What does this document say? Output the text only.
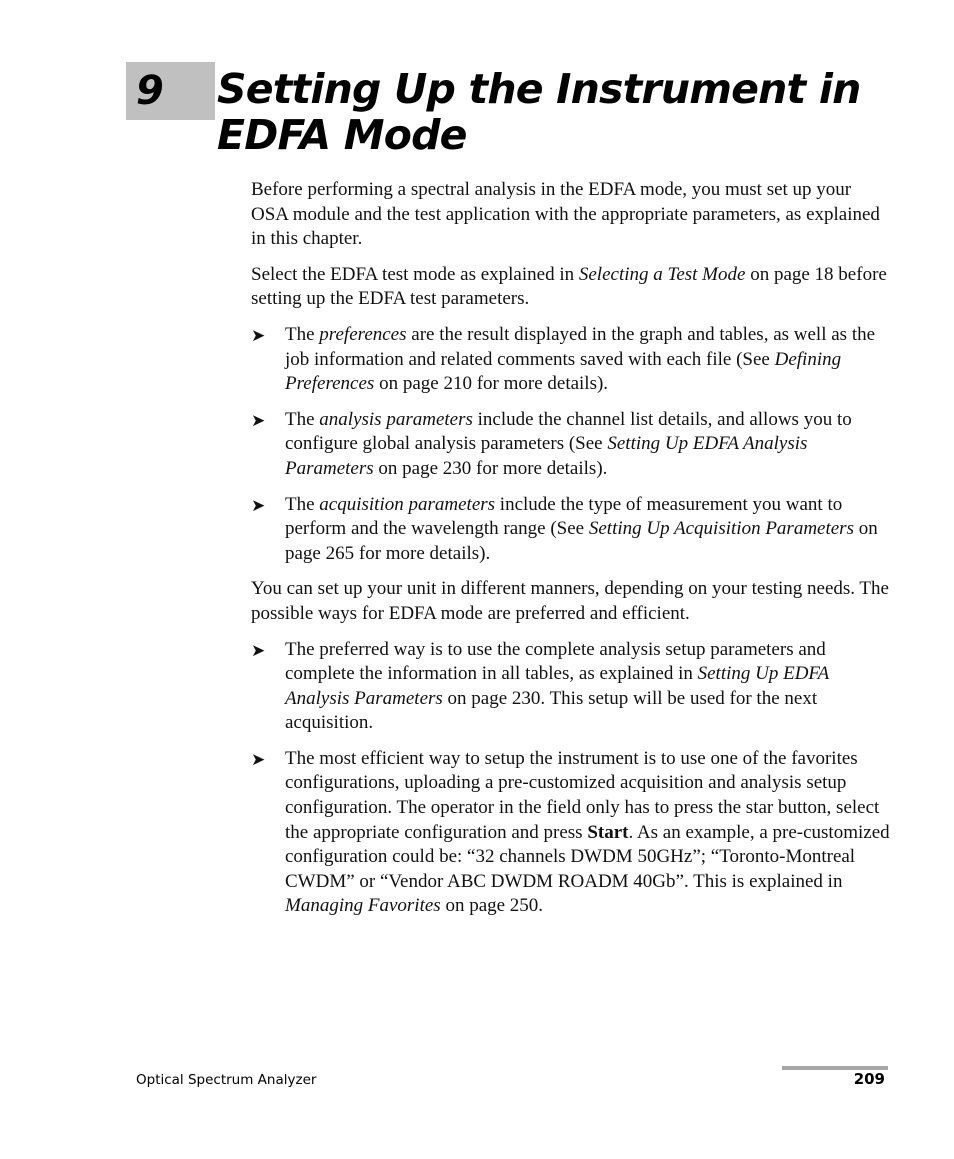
9 Setting Up the Instrument in EDFA Mode

Before performing a spectral analysis in the EDFA mode, you must set up your OSA module and the test application with the appropriate parameters, as explained in this chapter.

Select the EDFA test mode as explained in Selecting a Test Mode on page 18 before setting up the EDFA test parameters.

➤ The preferences are the result displayed in the graph and tables, as well as the job information and related comments saved with each file (See Defining Preferences on page 210 for more details).
➤ The analysis parameters include the channel list details, and allows you to configure global analysis parameters (See Setting Up EDFA Analysis Parameters on page 230 for more details).
➤ The acquisition parameters include the type of measurement you want to perform and the wavelength range (See Setting Up Acquisition Parameters on page 265 for more details).

You can set up your unit in different manners, depending on your testing needs. The possible ways for EDFA mode are preferred and efficient.

➤ The preferred way is to use the complete analysis setup parameters and complete the information in all tables, as explained in Setting Up EDFA Analysis Parameters on page 230. This setup will be used for the next acquisition.
➤ The most efficient way to setup the instrument is to use one of the favorites configurations, uploading a pre-customized acquisition and analysis setup configuration. The operator in the field only has to press the star button, select the appropriate configuration and press Start. As an example, a pre-customized configuration could be: “32 channels DWDM 50GHz”; “Toronto-Montreal CWDM” or “Vendor ABC DWDM ROADM 40Gb”. This is explained in Managing Favorites on page 250.
Optical Spectrum Analyzer	209
